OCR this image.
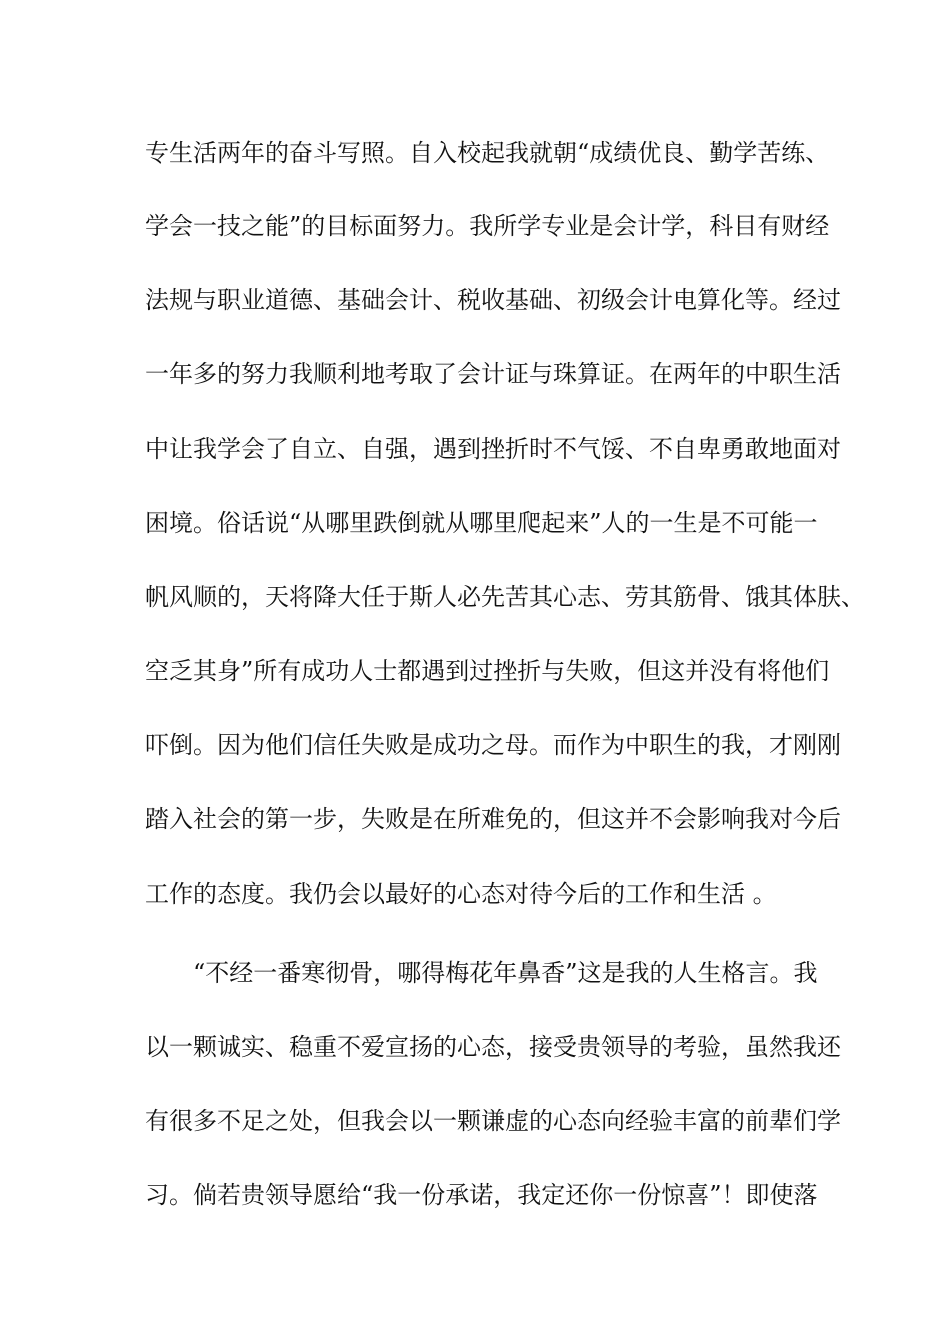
专生活两年的奋斗写照。自入校起我就朝“成绩优良、勤学苦练、
学会一技之能”的目标面努力。我所学专业是会计学，科目有财经
法规与职业道德、基础会计、税收基础、初级会计电算化等。经过
一年多的努力我顺利地考取了会计证与珠算证。在两年的中职生活
中让我学会了自立、自强，遇到挫折时不气馁、不自卑勇敢地面对
困境。俗话说“从哪里跌倒就从哪里爬起来”人的一生是不可能一
帆风顺的，天将降大任于斯人必先苦其心志、劳其筋骨、饿其体肤、
空乏其身”所有成功人士都遇到过挫折与失败，但这并没有将他们
吓倒。因为他们信任失败是成功之母。而作为中职生的我，才刚刚
踏入社会的第一步，失败是在所难免的，但这并不会影响我对今后
工作的态度。我仍会以最好的心态对待今后的工作和生活 。
“不经一番寒彻骨，哪得梅花年鼻香”这是我的人生格言。我
以一颗诚实、稳重不爱宣扬的心态，接受贵领导的考验，虽然我还
有很多不足之处，但我会以一颗谦虚的心态向经验丰富的前辈们学
习。倘若贵领导愿给“我一份承诺，我定还你一份惊喜”！即使落
